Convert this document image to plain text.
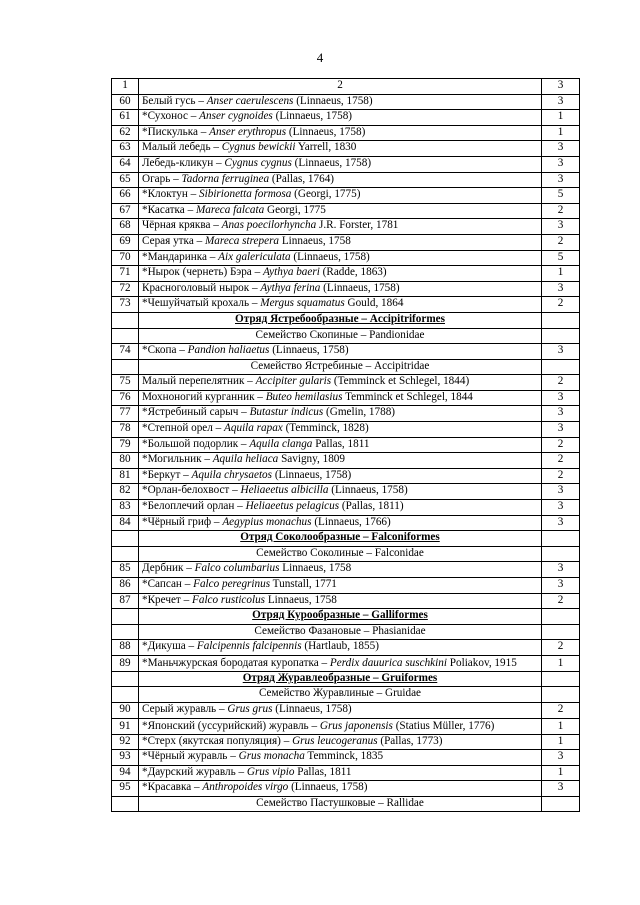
4
1	2	3
60	Белый гусь – Anser caerulescens (Linnaeus, 1758)	3
61	*Сухонос – Anser cygnoides (Linnaeus, 1758)	1
62	*Пискулька – Anser erythropus (Linnaeus, 1758)	1
63	Малый лебедь – Cygnus bewickii Yarrell, 1830	3
64	Лебедь-кликун – Cygnus cygnus (Linnaeus, 1758)	3
65	Огарь – Tadorna ferruginea (Pallas, 1764)	3
66	*Клоктун – Sibirionetta formosa (Georgi, 1775)	5
67	*Касатка – Mareca falcata Georgi, 1775	2
68	Чёрная кряква – Anas poecilorhyncha J.R. Forster, 1781	3
69	Серая утка – Mareca strepera Linnaeus, 1758	2
70	*Мандаринка – Aix galericulata (Linnaeus, 1758)	5
71	*Нырок (чернеть) Бэра – Aythya baeri (Radde, 1863)	1
72	Красноголовый нырок – Aythya ferina (Linnaeus, 1758)	3
73	*Чешуйчатый крохаль – Mergus squamatus Gould, 1864	2
	Отряд Ястребообразные – Accipitriformes	
	Семейство Скопиные – Pandionidae	
74	*Скопа – Pandion haliaetus (Linnaeus, 1758)	3
	Семейство Ястребиные – Accipitridae	
75	Малый перепелятник – Accipiter gularis (Temminck et Schlegel, 1844)	2
76	Мохноногий курганник – Buteo hemilasius Temminck et Schlegel, 1844	3
77	*Ястребиный сарыч – Butastur indicus (Gmelin, 1788)	3
78	*Степной орел – Aquila rapax (Temminck, 1828)	3
79	*Большой подорлик – Aquila clanga Pallas, 1811	2
80	*Могильник – Aquila heliaca Savigny, 1809	2
81	*Беркут – Aquila chrysaetos (Linnaeus, 1758)	2
82	*Орлан-белохвост – Heliaeetus albicilla (Linnaeus, 1758)	3
83	*Белоплечий орлан – Heliaeetus pelagicus (Pallas, 1811)	3
84	*Чёрный гриф – Aegypius monachus (Linnaeus, 1766)	3
	Отряд Соколообразные – Falconiformes	
	Семейство Соколиные – Falconidae	
85	Дербник – Falco columbarius Linnaeus, 1758	3
86	*Сапсан – Falco peregrinus Tunstall, 1771	3
87	*Кречет – Falco rusticolus Linnaeus, 1758	2
	Отряд Курообразные – Galliformes	
	Семейство Фазановые – Phasianidae	
88	*Дикуша – Falcipennis falcipennis (Hartlaub, 1855)	2
89	*Маньчжурская бородатая куропатка – Perdix dauurica suschkini Poliakov, 1915	1
	Отряд Журавлеобразные – Gruiformes	
	Семейство Журавлиные – Gruidae	
90	Серый журавль – Grus grus (Linnaeus, 1758)	2
91	*Японский (уссурийский) журавль – Grus japonensis (Statius Müller, 1776)	1
92	*Стерх (якутская популяция) – Grus leucogeranus (Pallas, 1773)	1
93	*Чёрный журавль – Grus monacha Temminck, 1835	3
94	*Даурский журавль – Grus vipio Pallas, 1811	1
95	*Красавка – Anthropoides virgo (Linnaeus, 1758)	3
	Семейство Пастушковые – Rallidae	
